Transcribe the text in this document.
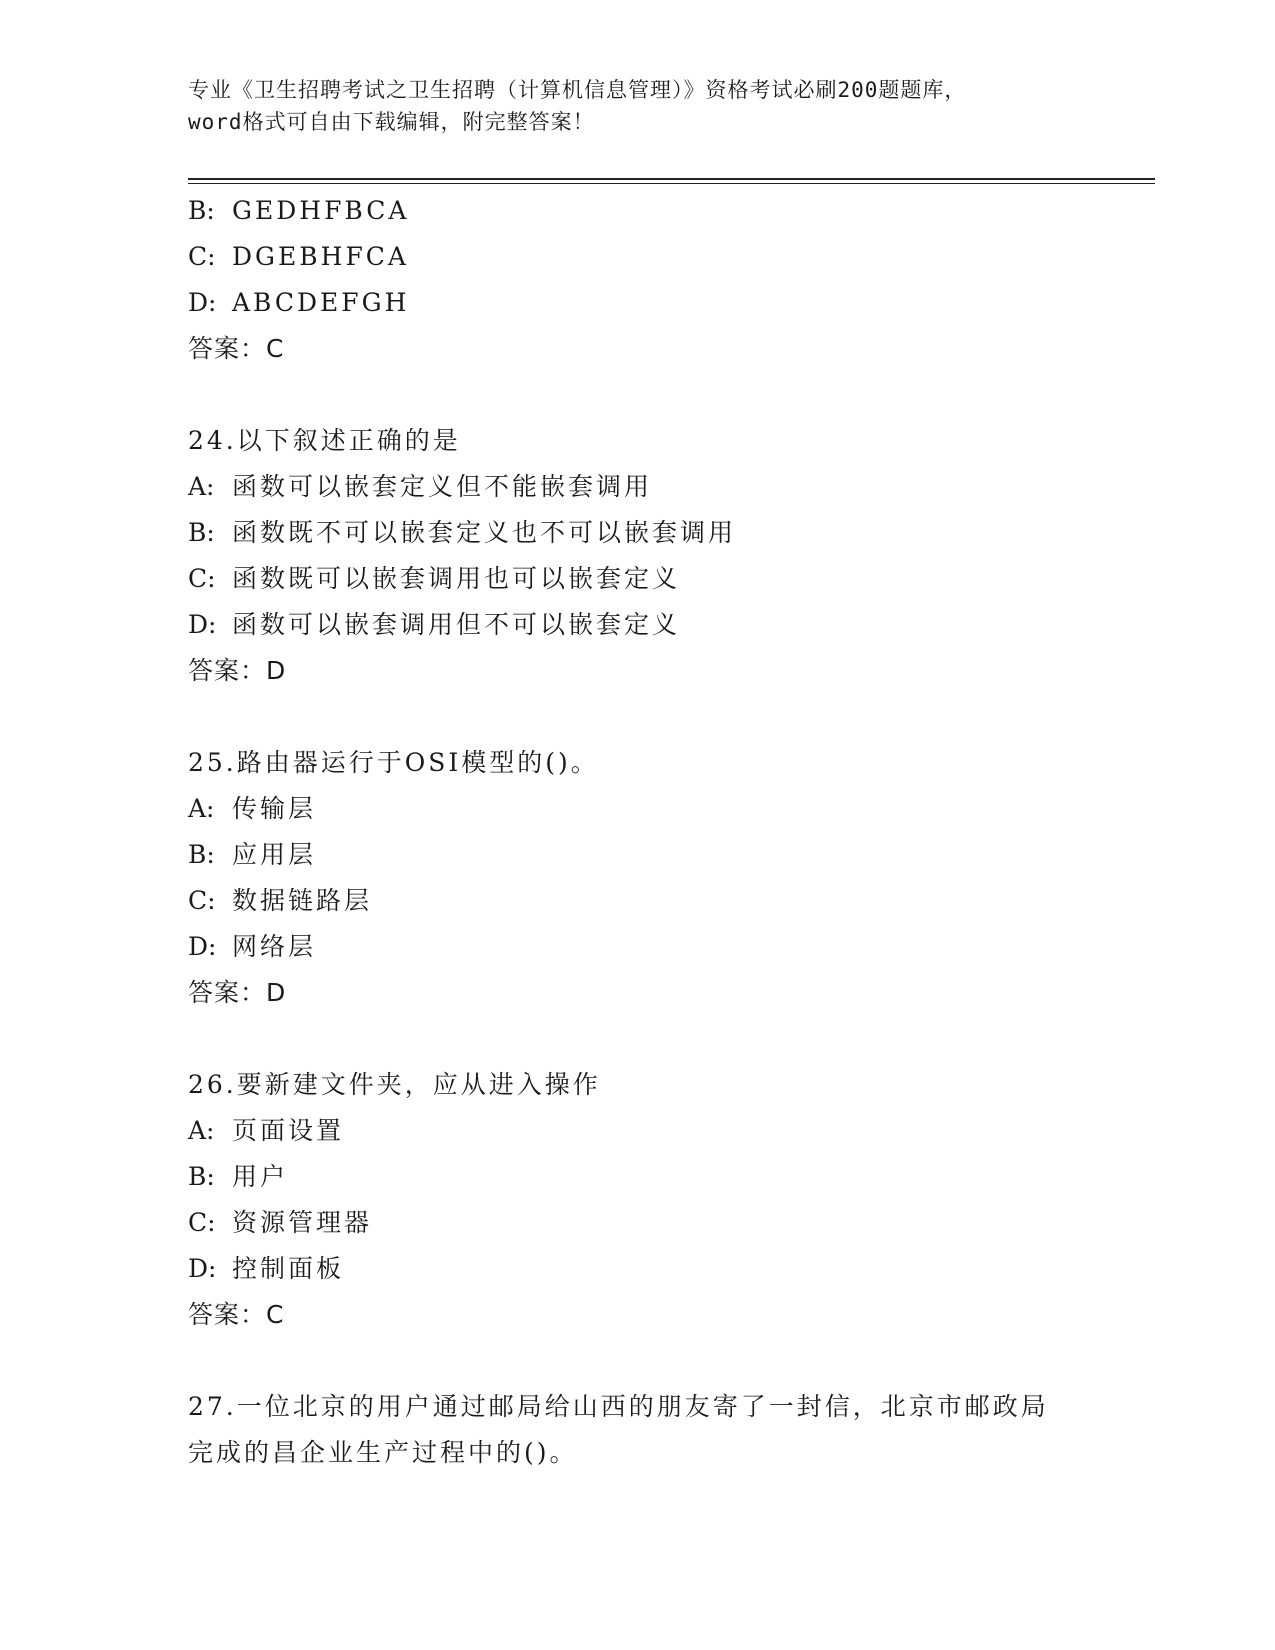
专业《卫生招聘考试之卫生招聘（计算机信息管理）》资格考试必刷200题题库，
word格式可自由下载编辑，附完整答案！
B: GEDHFBCA
C: DGEBHFCA
D: ABCDEFGH
答案：C
24.以下叙述正确的是
A: 函数可以嵌套定义但不能嵌套调用
B: 函数既不可以嵌套定义也不可以嵌套调用
C: 函数既可以嵌套调用也可以嵌套定义
D: 函数可以嵌套调用但不可以嵌套定义
答案：D
25.路由器运行于OSI模型的()。
A: 传输层
B: 应用层
C: 数据链路层
D: 网络层
答案：D
26.要新建文件夹，应从进入操作
A: 页面设置
B: 用户
C: 资源管理器
D: 控制面板
答案：C
27.一位北京的用户通过邮局给山西的朋友寄了一封信，北京市邮政局
完成的昌企业生产过程中的()。
